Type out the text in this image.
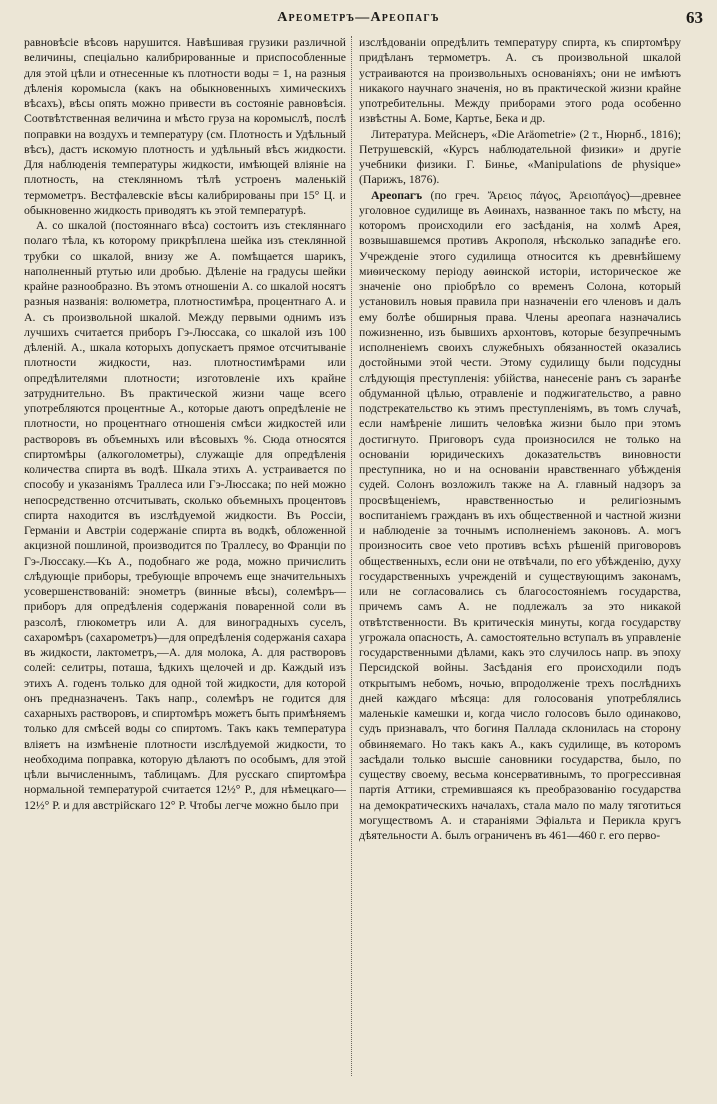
Ареометръ—Ареопагъ	63

равновѣсіе вѣсовъ нарушится. Навѣшивая грузики различной величины, спеціально калибрированные и приспособленные для этой цѣли и отнесенные къ плотности воды = 1, на разныя дѣленія коромысла (какъ на обыкновенныхъ химическихъ вѣсахъ), вѣсы опять можно привести въ состояніе равновѣсія. Соотвѣтственная величина и мѣсто груза на коромыслѣ, послѣ поправки на воздухъ и температуру (см. Плотность и Удѣльный вѣсъ), дастъ искомую плотность и удѣльный вѣсъ жидкости. Для наблюденія температуры жидкости, имѣющей вліяніе на плотность, на стеклянномъ тѣлѣ устроенъ маленькій термометръ. Вестфалевскіе вѣсы калибрированы при 15° Ц. и обыкновенно жидкость приводятъ къ этой температурѣ.

А. со шкалой (постояннаго вѣса) состоитъ изъ стекляннаго полаго тѣла, къ которому прикрѣплена шейка изъ стеклянной трубки со шкалой, внизу же А. помѣщается шарикъ, наполненный ртутью или дробью. Дѣленіе на градусы шейки крайне разнообразно. Въ этомъ отношеніи А. со шкалой носятъ разныя названія: волюметра, плотностимѣра, процентнаго А. и А. съ произвольной шкалой. Между первыми однимъ изъ лучшихъ считается приборъ Гэ-Люссака, со шкалой изъ 100 дѣленій. А., шкала которыхъ допускаетъ прямое отсчитываніе плотности жидкости, наз. плотностимѣрами или опредѣлителями плотности; изготовленіе ихъ крайне затруднительно. Въ практической жизни чаще всего употребляются процентные А., которые даютъ опредѣленіе не плотности, но процентнаго отношенія смѣси жидкостей или растворовъ въ объемныхъ или вѣсовыхъ %. Сюда относятся спиртомѣры (алкоголометры), служащіе для опредѣленія количества спирта въ водѣ. Шкала этихъ А. устраивается по способу и указаніямъ Траллеса или Гэ-Люссака; по ней можно непосредственно отсчитывать, сколько объемныхъ процентовъ спирта находится въ изслѣдуемой жидкости. Въ Россіи, Германіи и Австріи содержаніе спирта въ водкѣ, обложенной акцизной пошлиной, производится по Траллесу, во Франціи по Гэ-Люссаку.—Къ А., подобнаго же рода, можно причислить слѣдующіе приборы, требующіе впрочемъ еще значительныхъ усовершенствованій: энометръ (винные вѣсы), солемѣръ—приборъ для опредѣленія содержанія поваренной соли въ разсолѣ, глюкометръ или А. для виноградныхъ суселъ, сахаромѣръ (сахарометръ)—для опредѣленія содержанія сахара въ жидкости, лактометръ,—А. для молока, А. для растворовъ солей: селитры, поташа, ѣдкихъ щелочей и др. Каждый изъ этихъ А. годенъ только для одной той жидкости, для которой онъ предназначенъ. Такъ напр., солемѣръ не годится для сахарныхъ растворовъ, и спиртомѣръ можетъ быть примѣняемъ только для смѣсей воды со спиртомъ. Такъ какъ температура вліяетъ на измѣненіе плотности изслѣдуемой жидкости, то необходима поправка, которую дѣлаютъ по особымъ, для этой цѣли вычисленнымъ, таблицамъ. Для русскаго спиртомѣра нормальной температурой считается 12½° Р., для нѣмецкаго—12½° Р. и для австрійскаго 12° Р. Чтобы легче можно было при

изслѣдованіи опредѣлить температуру спирта, къ спиртомѣру придѣланъ термометръ. А. съ произвольной шкалой устраиваются на произвольныхъ основаніяхъ; они не имѣютъ никакого научнаго значенія, но въ практической жизни крайне употребительны. Между приборами этого рода особенно извѣстны А. Боме, Картье, Бека и др.

Литература. Мейснеръ, «Die Aräometrie» (2 т., Нюрнб., 1816); Петрушевскій, «Курсъ наблюдательной физики» и другіе учебники физики. Г. Бинье, «Manipulations de physique» (Парижъ, 1876).

Ареопагъ (по греч. Ἄρειος πάγος, Ἀρειοπάγος)—древнее уголовное судилище въ Аѳинахъ, названное такъ по мѣсту, на которомъ происходили его засѣданія, на холмѣ Арея, возвышавшемся противъ Акрополя, нѣсколько западнѣе его. Учрежденіе этого судилища относится къ древнѣйшему миѳическому періоду аѳинской исторіи, историческое же значеніе оно пріобрѣло со временъ Солона, который установилъ новыя правила при назначеніи его членовъ и далъ ему болѣе обширныя права. Члены ареопага назначались пожизненно, изъ бывшихъ архонтовъ, которые безупречнымъ исполненіемъ своихъ служебныхъ обязанностей оказались достойными этой чести. Этому судилищу были подсудны слѣдующія преступленія: убійства, нанесеніе ранъ съ заранѣе обдуманной цѣлью, отравленіе и поджигательство, а равно подстрекательство къ этимъ преступленіямъ, въ томъ случаѣ, если намѣреніе лишить человѣка жизни было при этомъ достигнуто. Приговоръ суда произносился не только на основаніи юридическихъ доказательствъ виновности преступника, но и на основаніи нравственнаго убѣжденія судей. Солонъ возложилъ также на А. главный надзоръ за просвѣщеніемъ, нравственностью и религіознымъ воспитаніемъ гражданъ въ ихъ общественной и частной жизни и наблюденіе за точнымъ исполненіемъ законовъ. А. могъ произносить свое veto противъ всѣхъ рѣшеній приговоровъ общественныхъ, если они не отвѣчали, по его убѣжденію, духу государственныхъ учрежденій и существующимъ законамъ, или не согласовались съ благосостояніемъ государства, причемъ самъ А. не подлежалъ за это никакой отвѣтственности. Въ критическія минуты, когда государству угрожала опасность, А. самостоятельно вступалъ въ управленіе государственными дѣлами, какъ это случилось напр. въ эпоху Персидской войны. Засѣданія его происходили подъ открытымъ небомъ, ночью, впродолженіе трехъ послѣднихъ дней каждаго мѣсяца: для голосованія употреблялись маленькіе камешки и, когда число голосовъ было одинаково, судъ признавалъ, что богиня Паллада склонилась на сторону обвиняемаго. Но такъ какъ А., какъ судилище, въ которомъ засѣдали только высшіе сановники государства, было, по существу своему, весьма консервативнымъ, то прогрессивная партія Аттики, стремившаяся къ преобразованію государства на демократическихъ началахъ, стала мало по малу тяготиться могуществомъ А. и стараніями Эфіальта и Перикла кругъ дѣятельности А. былъ ограниченъ въ 461—460 г. его перво-
